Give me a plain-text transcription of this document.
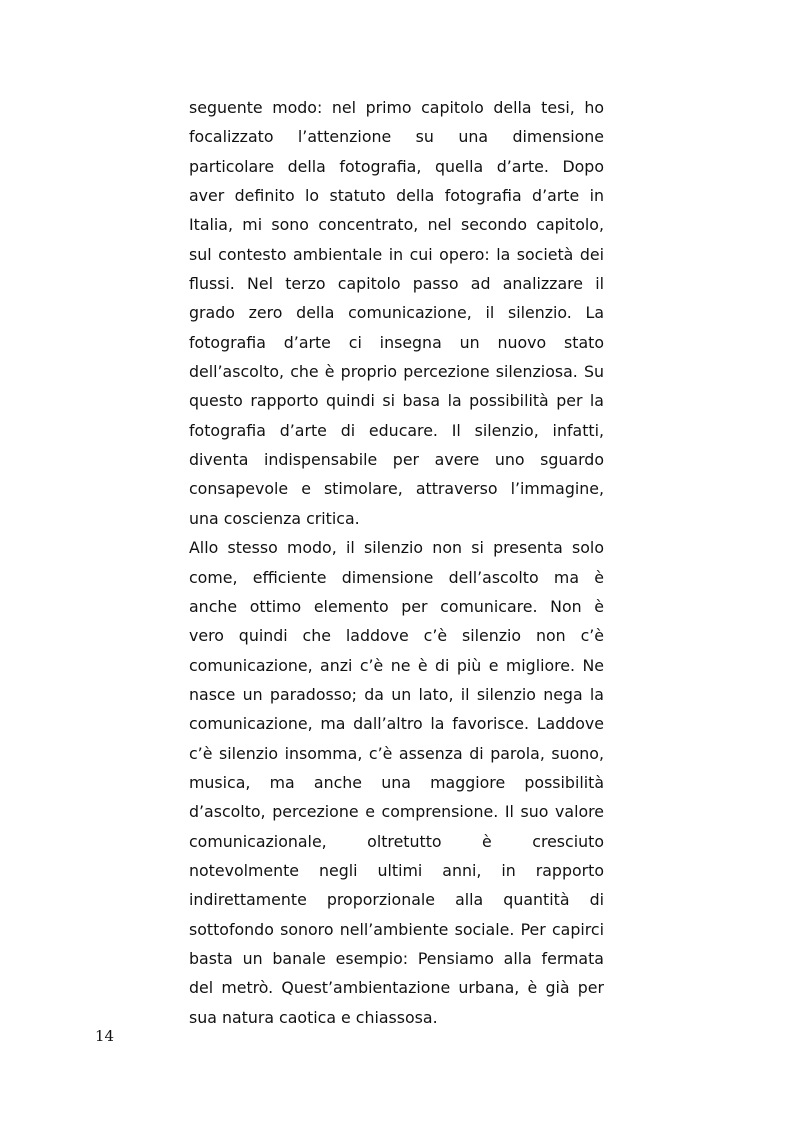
seguente modo: nel primo capitolo della tesi, ho
focalizzato l’attenzione su una dimensione
particolare della fotografia, quella d’arte. Dopo
aver definito lo statuto della fotografia d’arte in
Italia, mi sono concentrato, nel secondo capitolo,
sul contesto ambientale in cui opero: la società dei
flussi. Nel terzo capitolo passo ad analizzare il
grado zero della comunicazione, il silenzio. La
fotografia d’arte ci insegna un nuovo stato
dell’ascolto, che è proprio percezione silenziosa. Su
questo rapporto quindi si basa la possibilità per la
fotografia d’arte di educare. Il silenzio, infatti,
diventa indispensabile per avere uno sguardo
consapevole e stimolare, attraverso l’immagine,
una coscienza critica.
Allo stesso modo, il silenzio non si presenta solo
come, efficiente dimensione dell’ascolto ma è
anche ottimo elemento per comunicare. Non è
vero quindi che laddove c’è silenzio non c’è
comunicazione, anzi c’è ne è di più e migliore. Ne
nasce un paradosso; da un lato, il silenzio nega la
comunicazione, ma dall’altro la favorisce. Laddove
c’è silenzio insomma, c’è assenza di parola, suono,
musica, ma anche una maggiore possibilità
d’ascolto, percezione e comprensione. Il suo valore
comunicazionale, oltretutto è cresciuto
notevolmente negli ultimi anni, in rapporto
indirettamente proporzionale alla quantità di
sottofondo sonoro nell’ambiente sociale. Per capirci
basta un banale esempio: Pensiamo alla fermata
del metrò. Quest’ambientazione urbana, è già per
sua natura caotica e chiassosa.
14
